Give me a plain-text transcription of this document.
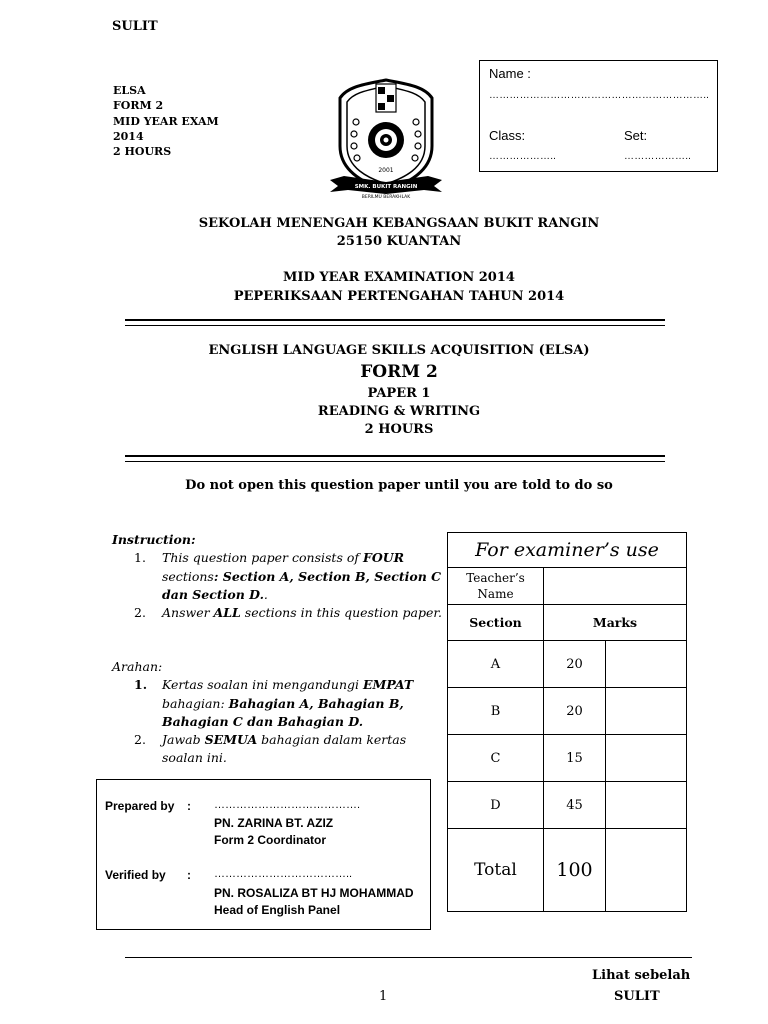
SULIT
ELSA
FORM 2
MID YEAR EXAM
2014
2 HOURS
2001
SMK. BUKIT RANGIN
BERILMU BERAKHLAK
Name :
………………………………………………………..
Class:	Set:
………………..	………………..
SEKOLAH MENENGAH KEBANGSAAN BUKIT RANGIN
25150 KUANTAN
MID YEAR EXAMINATION 2014
PEPERIKSAAN PERTENGAHAN TAHUN 2014
ENGLISH LANGUAGE SKILLS ACQUISITION (ELSA)
FORM 2
PAPER 1
READING & WRITING
2 HOURS
Do not open this question paper until you are told to do so
Instruction:
1. This question paper consists of FOUR sections: Section A, Section B, Section C dan Section D..
2. Answer ALL sections in this question paper.
Arahan:
1. Kertas soalan ini mengandungi EMPAT bahagian: Bahagian A, Bahagian B, Bahagian C dan Bahagian D.
2. Jawab SEMUA bahagian dalam kertas soalan ini.
For examiner’s use		
Teacher’s Name		
Section	Marks	
A	20	
B	20	
C	15	
D	45	
Total	100	
Prepared by : ………………………………….
PN. ZARINA BT. AZIZ
Form 2 Coordinator
Verified by : ………………………………..
PN. ROSALIZA BT HJ MOHAMMAD
Head of English Panel
Lihat sebelah
1	SULIT
